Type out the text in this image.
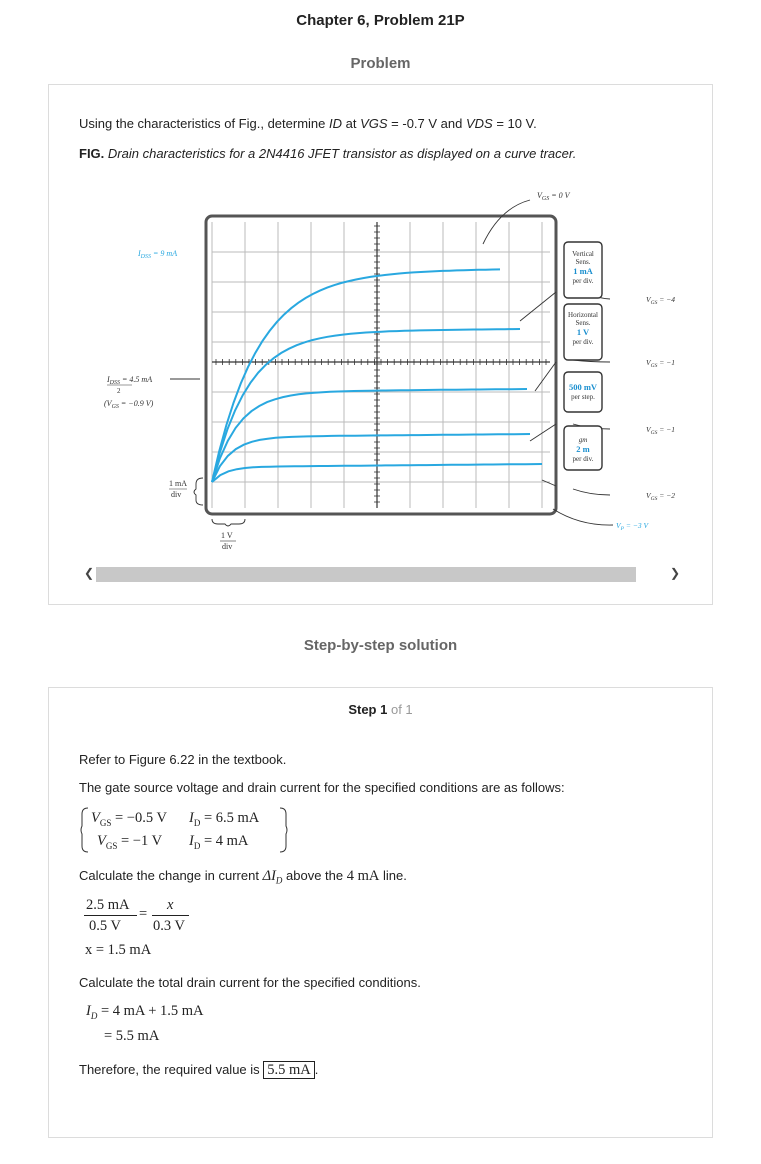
Chapter 6, Problem 21P
Problem
Using the characteristics of Fig., determine ID at VGS = -0.7 V and VDS = 10 V.
FIG. Drain characteristics for a 2N4416 JFET transistor as displayed on a curve tracer.
$V_{GS} = 0$ V
$I_{DSS} = 9$ mA
$I_{DSS} = 4.5$ mA
2
($V_{GS} = -0.9$ V)
1 mA
div
1 V
div
Vertical
Sens.
1 mA
per div.
Horizontal
Sens.
1 V
per div.
500 mV
per step.
gm
2 m
per div.
$V_{GS} = -4$
$V_{GS} = -1$
$V_{GS} = -1$
$V_{GS} = -2$
$V_P = -3$ V
❮	❯
Step-by-step solution
Step 1 of 1
Refer to Figure 6.22 in the textbook.
The gate source voltage and drain current for the specified conditions are as follows:
$V_{GS} = -0.5$ V $I_D = 6.5$ mA
$V_{GS} = -1$ V $I_D = 4$ mA
Calculate the change in current $\Delta I_D$ above the 4 mA line.
2.5 mA
0.5 V
=
x
0.3 V
x = 1.5 mA
Calculate the total drain current for the specified conditions.
$I_D = 4$ mA + 1.5 mA
= 5.5 mA
Therefore, the required value is 5.5 mA .
